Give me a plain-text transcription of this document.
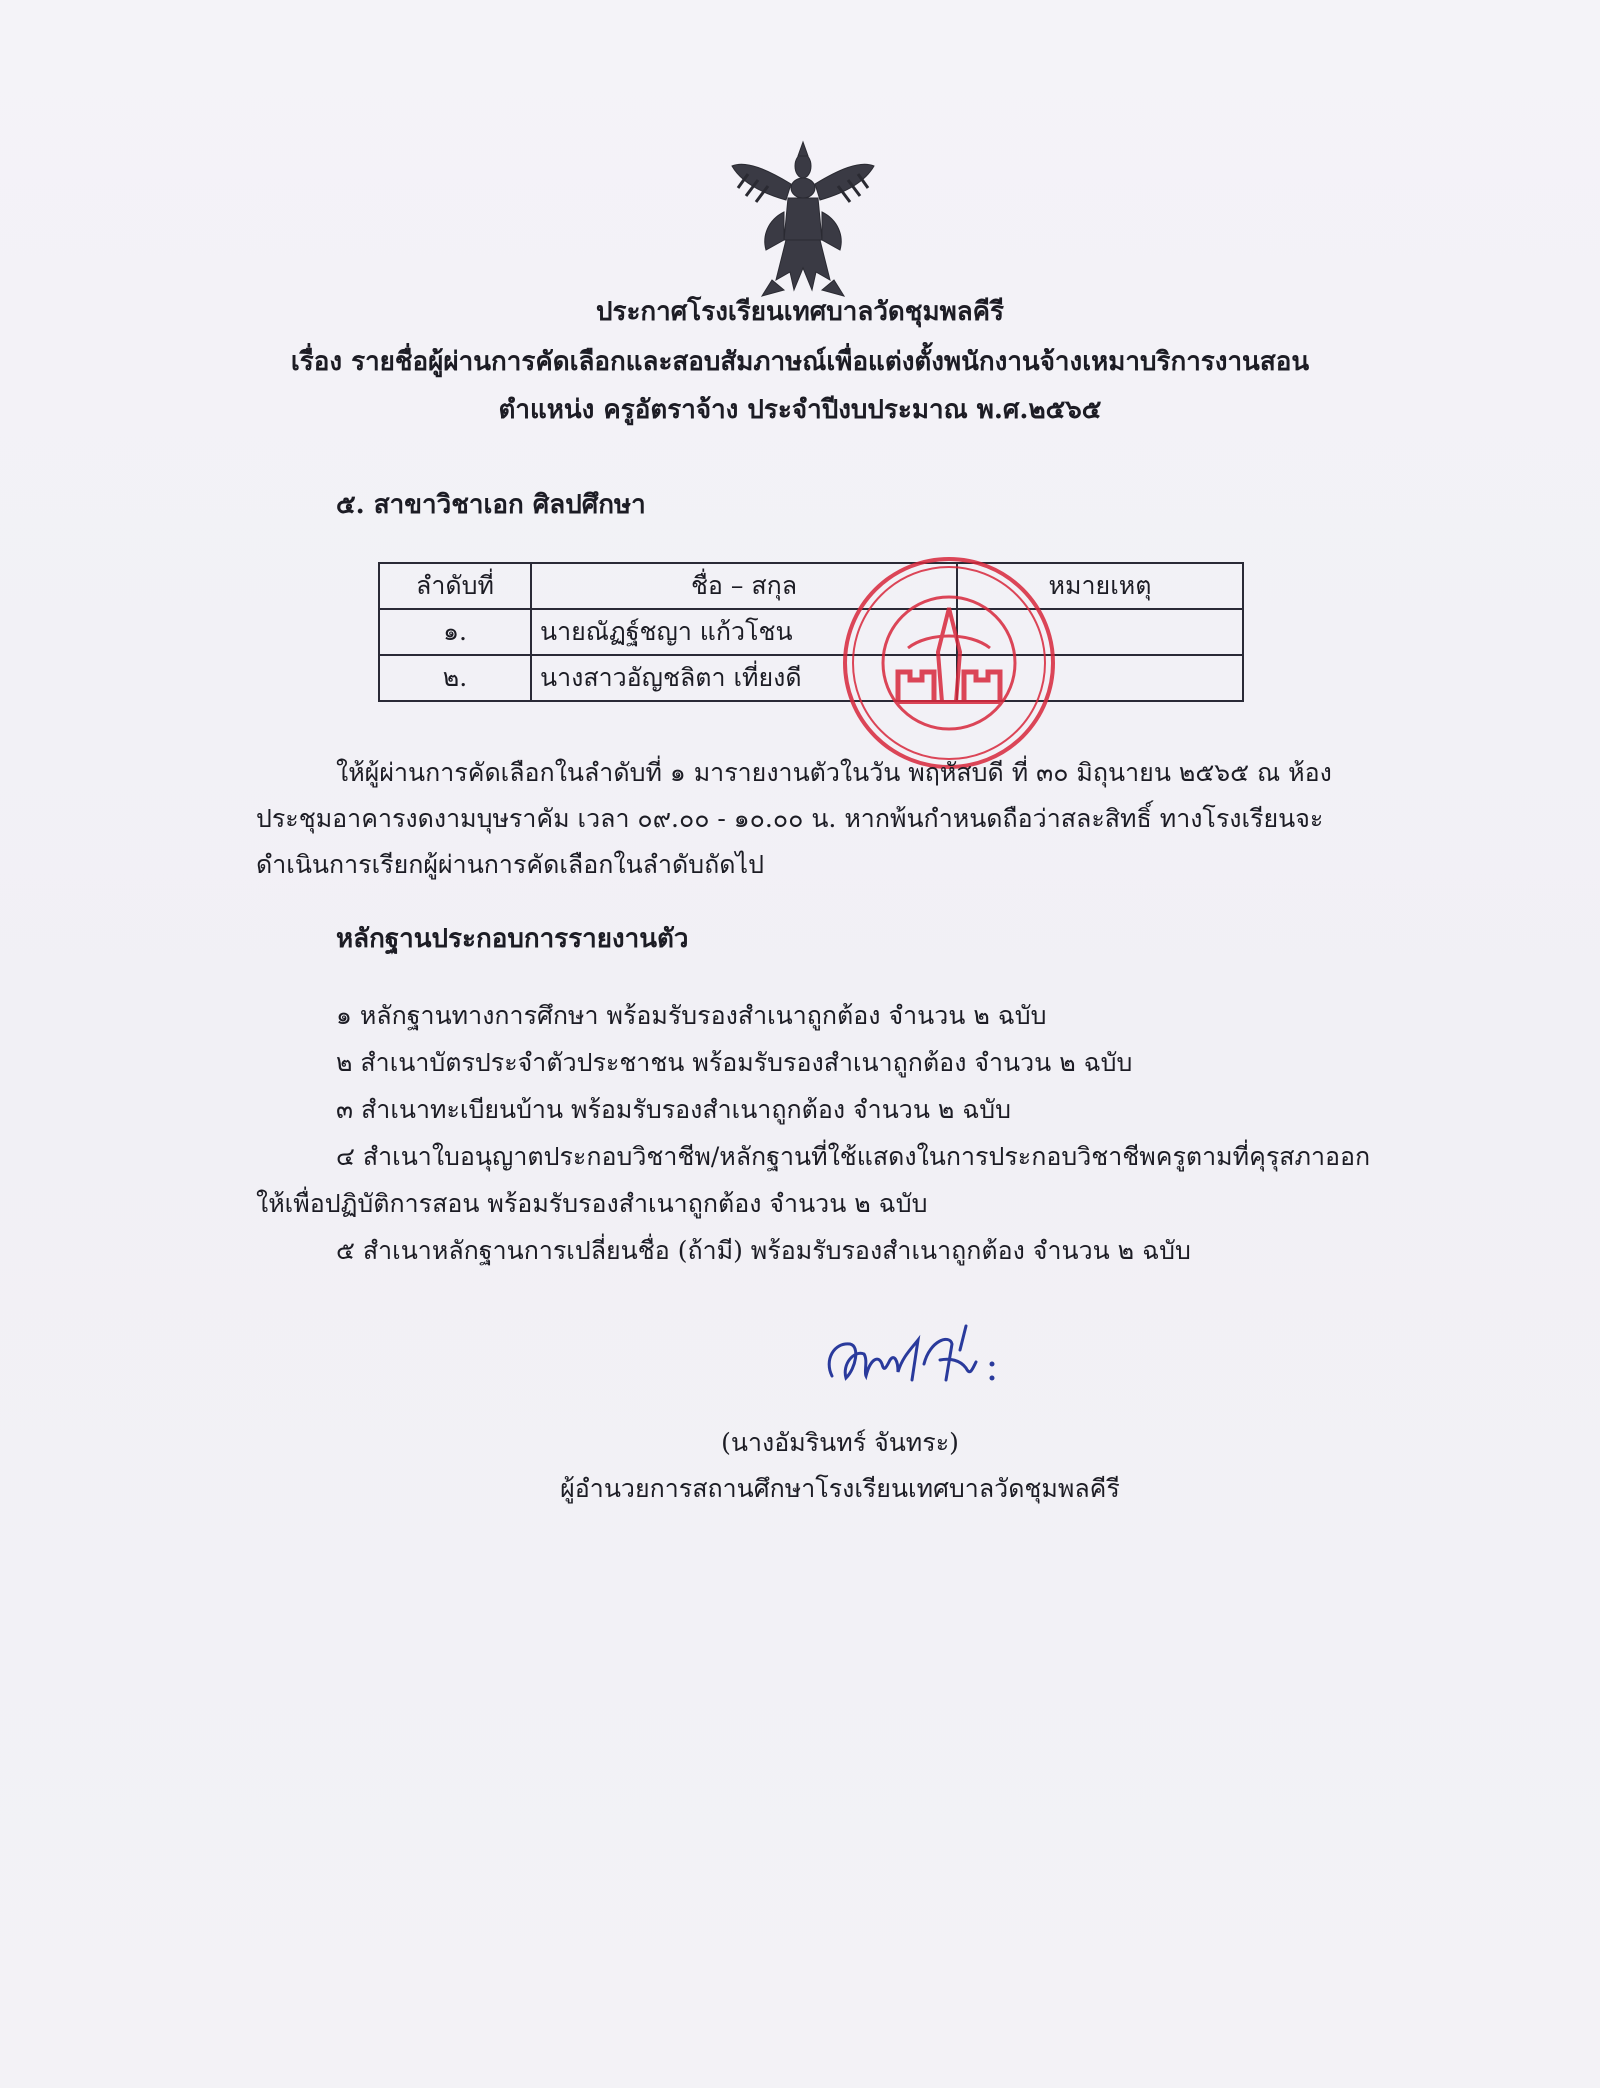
ประกาศโรงเรียนเทศบาลวัดชุมพลคีรี
เรื่อง รายชื่อผู้ผ่านการคัดเลือกและสอบสัมภาษณ์เพื่อแต่งตั้งพนักงานจ้างเหมาบริการงานสอน
ตำแหน่ง ครูอัตราจ้าง ประจำปีงบประมาณ พ.ศ.๒๕๖๕
๕. สาขาวิชาเอก ศิลปศึกษา
ลำดับที่	ชื่อ – สกุล	หมายเหตุ
๑.	นายณัฏฐ์ชญา แก้วโชน	
๒.	นางสาวอัญชลิตา เที่ยงดี	
ให้ผู้ผ่านการคัดเลือกในลำดับที่ ๑ มารายงานตัวในวัน พฤหัสบดี ที่ ๓๐ มิถุนายน ๒๕๖๕ ณ ห้องประชุมอาคารงดงามบุษราคัม เวลา ๐๙.๐๐ - ๑๐.๐๐ น. หากพ้นกำหนดถือว่าสละสิทธิ์ ทางโรงเรียนจะดำเนินการเรียกผู้ผ่านการคัดเลือกในลำดับถัดไป
หลักฐานประกอบการรายงานตัว
๑ หลักฐานทางการศึกษา พร้อมรับรองสำเนาถูกต้อง จำนวน ๒ ฉบับ
๒ สำเนาบัตรประจำตัวประชาชน พร้อมรับรองสำเนาถูกต้อง จำนวน ๒ ฉบับ
๓ สำเนาทะเบียนบ้าน พร้อมรับรองสำเนาถูกต้อง จำนวน ๒ ฉบับ
๔ สำเนาใบอนุญาตประกอบวิชาชีพ/หลักฐานที่ใช้แสดงในการประกอบวิชาชีพครูตามที่คุรุสภาออกให้เพื่อปฏิบัติการสอน พร้อมรับรองสำเนาถูกต้อง จำนวน ๒ ฉบับ
๕ สำเนาหลักฐานการเปลี่ยนชื่อ (ถ้ามี) พร้อมรับรองสำเนาถูกต้อง จำนวน ๒ ฉบับ
(นางอัมรินทร์ จันทระ)
ผู้อำนวยการสถานศึกษาโรงเรียนเทศบาลวัดชุมพลคีรี
